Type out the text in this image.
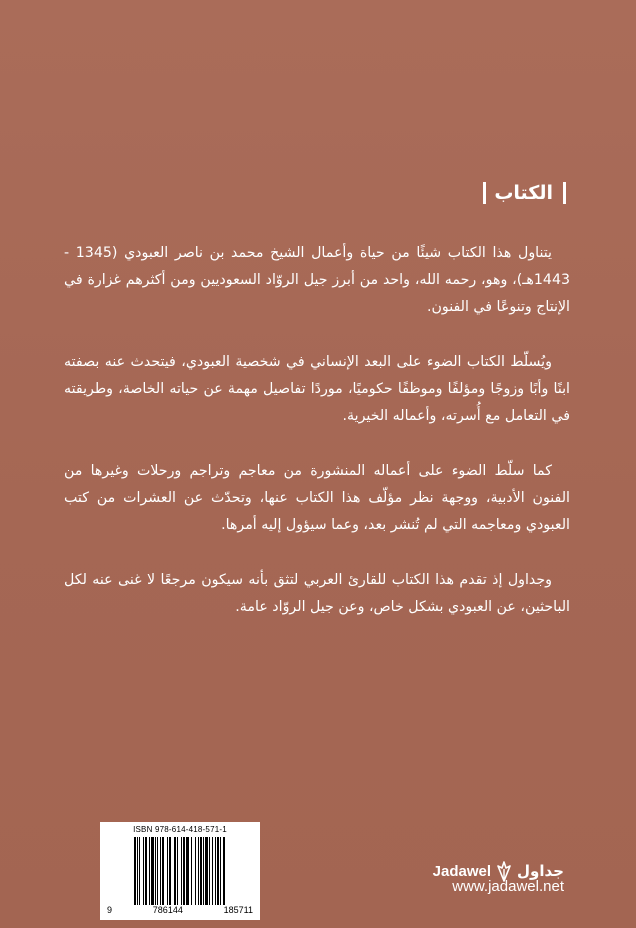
الكتاب

يتناول هذا الكتاب شيئًا من حياة وأعمال الشيخ محمد بن ناصر العبودي (1345 - 1443هـ)، وهو، رحمه الله، واحد من أبرز جيل الروّاد السعوديين ومن أكثرهم غزارة في الإنتاج وتنوعًا في الفنون.

ويُسلّط الكتاب الضوء على البعد الإنساني في شخصية العبودي، فيتحدث عنه بصفته ابنًا وأبًا وزوجًا ومؤلفًا وموظفًا حكوميًا، موردًا تفاصيل مهمة عن حياته الخاصة، وطريقته في التعامل مع أُسرته، وأعماله الخيرية.

كما سلّط الضوء على أعماله المنشورة من معاجم وتراجم ورحلات وغيرها من الفنون الأدبية، ووجهة نظر مؤلّف هذا الكتاب عنها، وتحدّث عن العشرات من كتب العبودي ومعاجمه التي لم تُنشر بعد، وعما سيؤول إليه أمرها.

وجداول إذ تقدم هذا الكتاب للقارئ العربي لتثق بأنه سيكون مرجعًا لا غنى عنه لكل الباحثين، عن العبودي بشكل خاص، وعن جيل الروّاد عامة.

ISBN 978-614-418-571-1
9	786144	185711
Jadawel جداول
www.jadawel.net
